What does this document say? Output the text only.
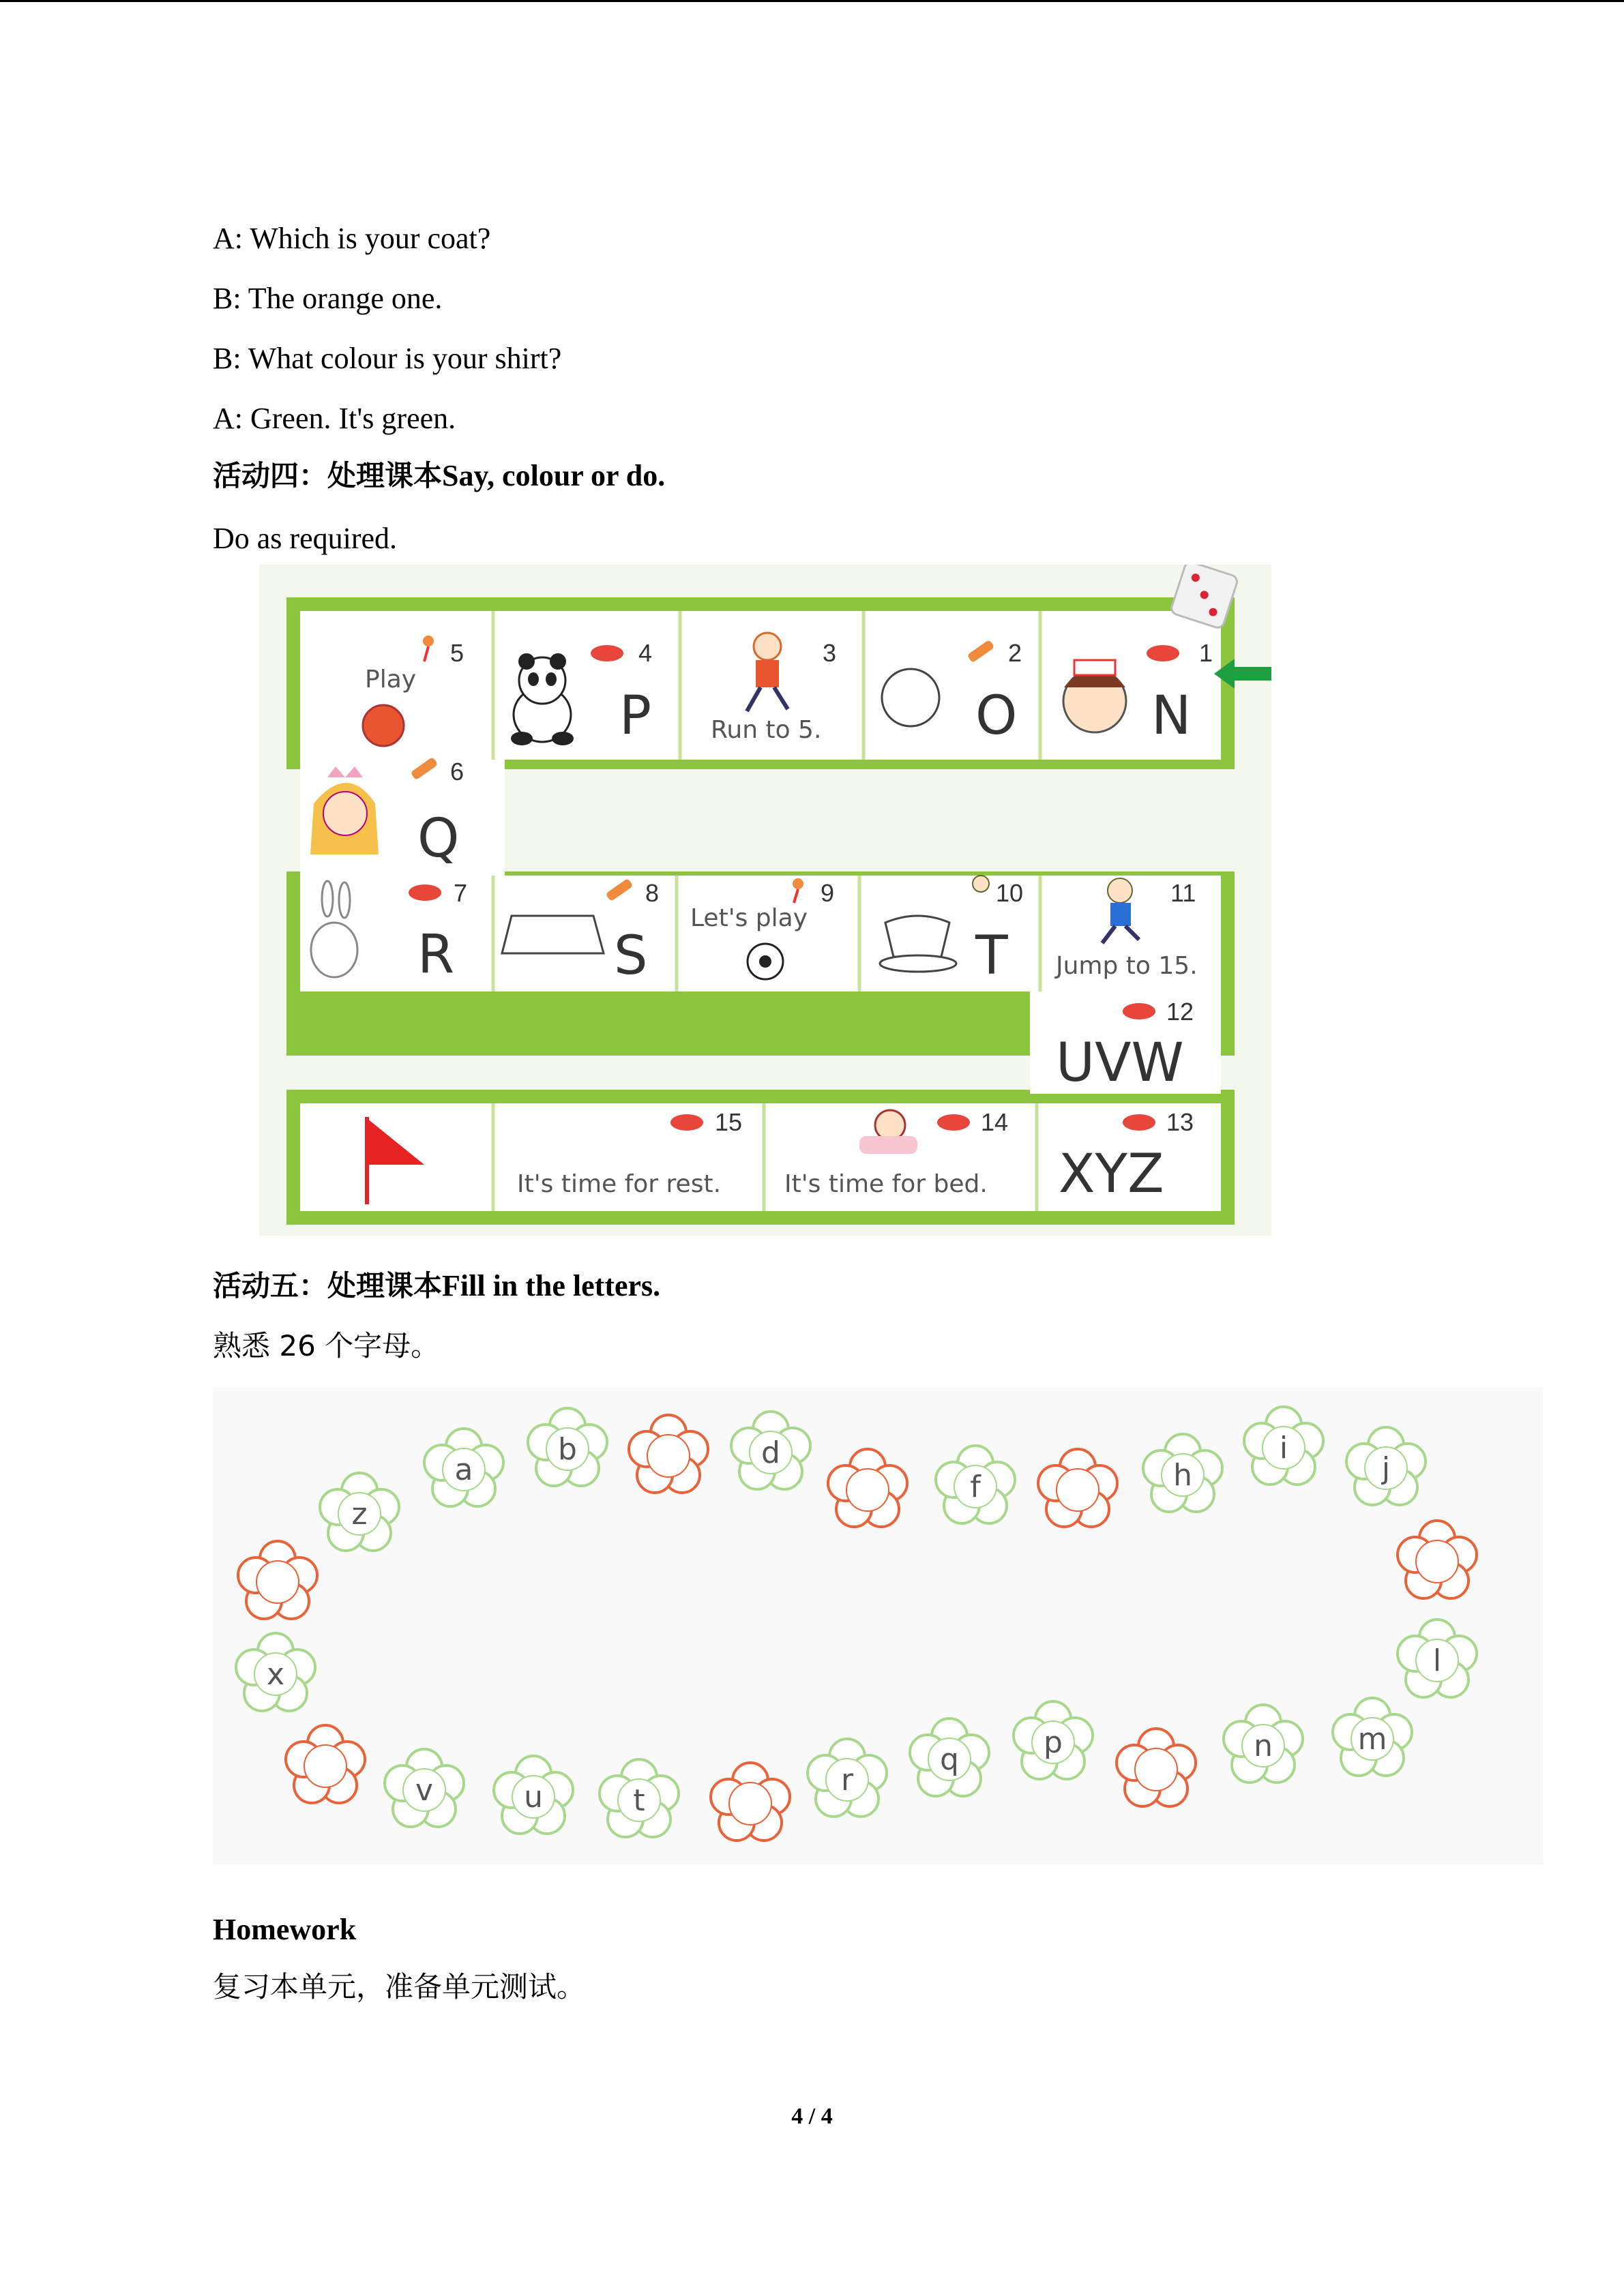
A: Which is your coat?
B: The orange one.
B: What colour is your shirt?
A: Green. It's green.
活动四：处理课本Say, colour or do.
Do as required.
1
N
2
O
3
Run to 5.
4
P
5
Play
6
Q
7
R
8
S
9
Let's play
10
T
11
Jump to 15.
12
UVW
13
XYZ
14
It's time for bed.
15
It's time for rest.
活动五：处理课本Fill in the letters.
熟悉 26 个字母。
z
a
b	d
f	h
i
j
l
m
n
p
q
r
t
u
v
x
Homework
复习本单元，准备单元测试。
4 / 4
